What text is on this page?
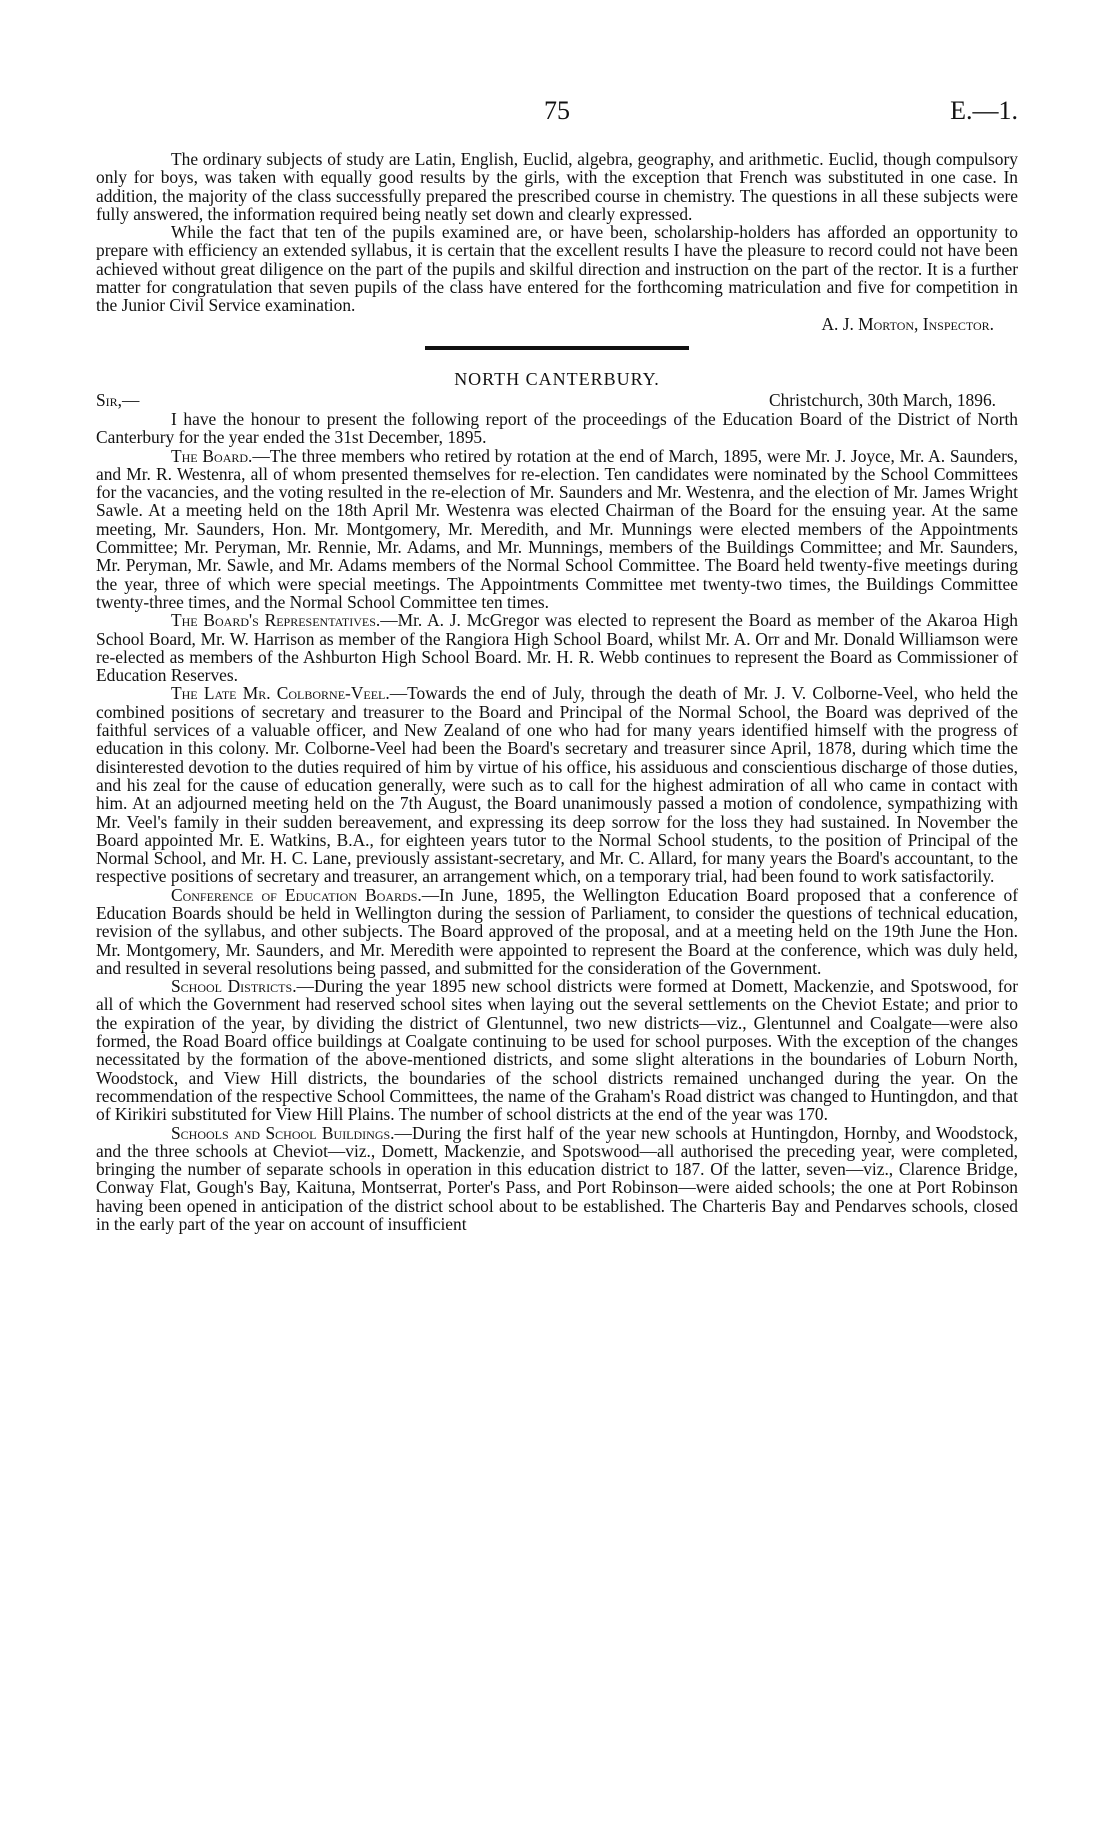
75	E.—1.

The ordinary subjects of study are Latin, English, Euclid, algebra, geography, and arithmetic. Euclid, though compulsory only for boys, was taken with equally good results by the girls, with the exception that French was substituted in one case. In addition, the majority of the class successfully prepared the prescribed course in chemistry. The questions in all these subjects were fully answered, the information required being neatly set down and clearly expressed.

While the fact that ten of the pupils examined are, or have been, scholarship-holders has afforded an opportunity to prepare with efficiency an extended syllabus, it is certain that the excellent results I have the pleasure to record could not have been achieved without great diligence on the part of the pupils and skilful direction and instruction on the part of the rector. It is a further matter for congratulation that seven pupils of the class have entered for the forthcoming matriculation and five for competition in the Junior Civil Service examination.

A. J. Morton, Inspector.

NORTH CANTERBURY.
Sir,—	Christchurch, 30th March, 1896.

I have the honour to present the following report of the proceedings of the Education Board of the District of North Canterbury for the year ended the 31st December, 1895.

The Board.—The three members who retired by rotation at the end of March, 1895, were Mr. J. Joyce, Mr. A. Saunders, and Mr. R. Westenra, all of whom presented themselves for re-election. Ten candidates were nominated by the School Committees for the vacancies, and the voting resulted in the re-election of Mr. Saunders and Mr. Westenra, and the election of Mr. James Wright Sawle. At a meeting held on the 18th April Mr. Westenra was elected Chairman of the Board for the ensuing year. At the same meeting, Mr. Saunders, Hon. Mr. Montgomery, Mr. Meredith, and Mr. Munnings were elected members of the Appointments Committee; Mr. Peryman, Mr. Rennie, Mr. Adams, and Mr. Munnings, members of the Buildings Committee; and Mr. Saunders, Mr. Peryman, Mr. Sawle, and Mr. Adams members of the Normal School Committee. The Board held twenty-five meetings during the year, three of which were special meetings. The Appointments Committee met twenty-two times, the Buildings Committee twenty-three times, and the Normal School Committee ten times.

The Board's Representatives.—Mr. A. J. McGregor was elected to represent the Board as member of the Akaroa High School Board, Mr. W. Harrison as member of the Rangiora High School Board, whilst Mr. A. Orr and Mr. Donald Williamson were re-elected as members of the Ashburton High School Board. Mr. H. R. Webb continues to represent the Board as Commissioner of Education Reserves.

The Late Mr. Colborne-Veel.—Towards the end of July, through the death of Mr. J. V. Colborne-Veel, who held the combined positions of secretary and treasurer to the Board and Principal of the Normal School, the Board was deprived of the faithful services of a valuable officer, and New Zealand of one who had for many years identified himself with the progress of education in this colony. Mr. Colborne-Veel had been the Board's secretary and treasurer since April, 1878, during which time the disinterested devotion to the duties required of him by virtue of his office, his assiduous and conscientious discharge of those duties, and his zeal for the cause of education generally, were such as to call for the highest admiration of all who came in contact with him. At an adjourned meeting held on the 7th August, the Board unanimously passed a motion of condolence, sympathizing with Mr. Veel's family in their sudden bereavement, and expressing its deep sorrow for the loss they had sustained. In November the Board appointed Mr. E. Watkins, B.A., for eighteen years tutor to the Normal School students, to the position of Principal of the Normal School, and Mr. H. C. Lane, previously assistant-secretary, and Mr. C. Allard, for many years the Board's accountant, to the respective positions of secretary and treasurer, an arrangement which, on a temporary trial, had been found to work satisfactorily.

Conference of Education Boards.—In June, 1895, the Wellington Education Board proposed that a conference of Education Boards should be held in Wellington during the session of Parliament, to consider the questions of technical education, revision of the syllabus, and other subjects. The Board approved of the proposal, and at a meeting held on the 19th June the Hon. Mr. Montgomery, Mr. Saunders, and Mr. Meredith were appointed to represent the Board at the conference, which was duly held, and resulted in several resolutions being passed, and submitted for the consideration of the Government.

School Districts.—During the year 1895 new school districts were formed at Domett, Mackenzie, and Spotswood, for all of which the Government had reserved school sites when laying out the several settlements on the Cheviot Estate; and prior to the expiration of the year, by dividing the district of Glentunnel, two new districts—viz., Glentunnel and Coalgate—were also formed, the Road Board office buildings at Coalgate continuing to be used for school purposes. With the exception of the changes necessitated by the formation of the above-mentioned districts, and some slight alterations in the boundaries of Loburn North, Woodstock, and View Hill districts, the boundaries of the school districts remained unchanged during the year. On the recommendation of the respective School Committees, the name of the Graham's Road district was changed to Huntingdon, and that of Kirikiri substituted for View Hill Plains. The number of school districts at the end of the year was 170.

Schools and School Buildings.—During the first half of the year new schools at Huntingdon, Hornby, and Woodstock, and the three schools at Cheviot—viz., Domett, Mackenzie, and Spotswood—all authorised the preceding year, were completed, bringing the number of separate schools in operation in this education district to 187. Of the latter, seven—viz., Clarence Bridge, Conway Flat, Gough's Bay, Kaituna, Montserrat, Porter's Pass, and Port Robinson—were aided schools; the one at Port Robinson having been opened in anticipation of the district school about to be established. The Charteris Bay and Pendarves schools, closed in the early part of the year on account of insufficient
